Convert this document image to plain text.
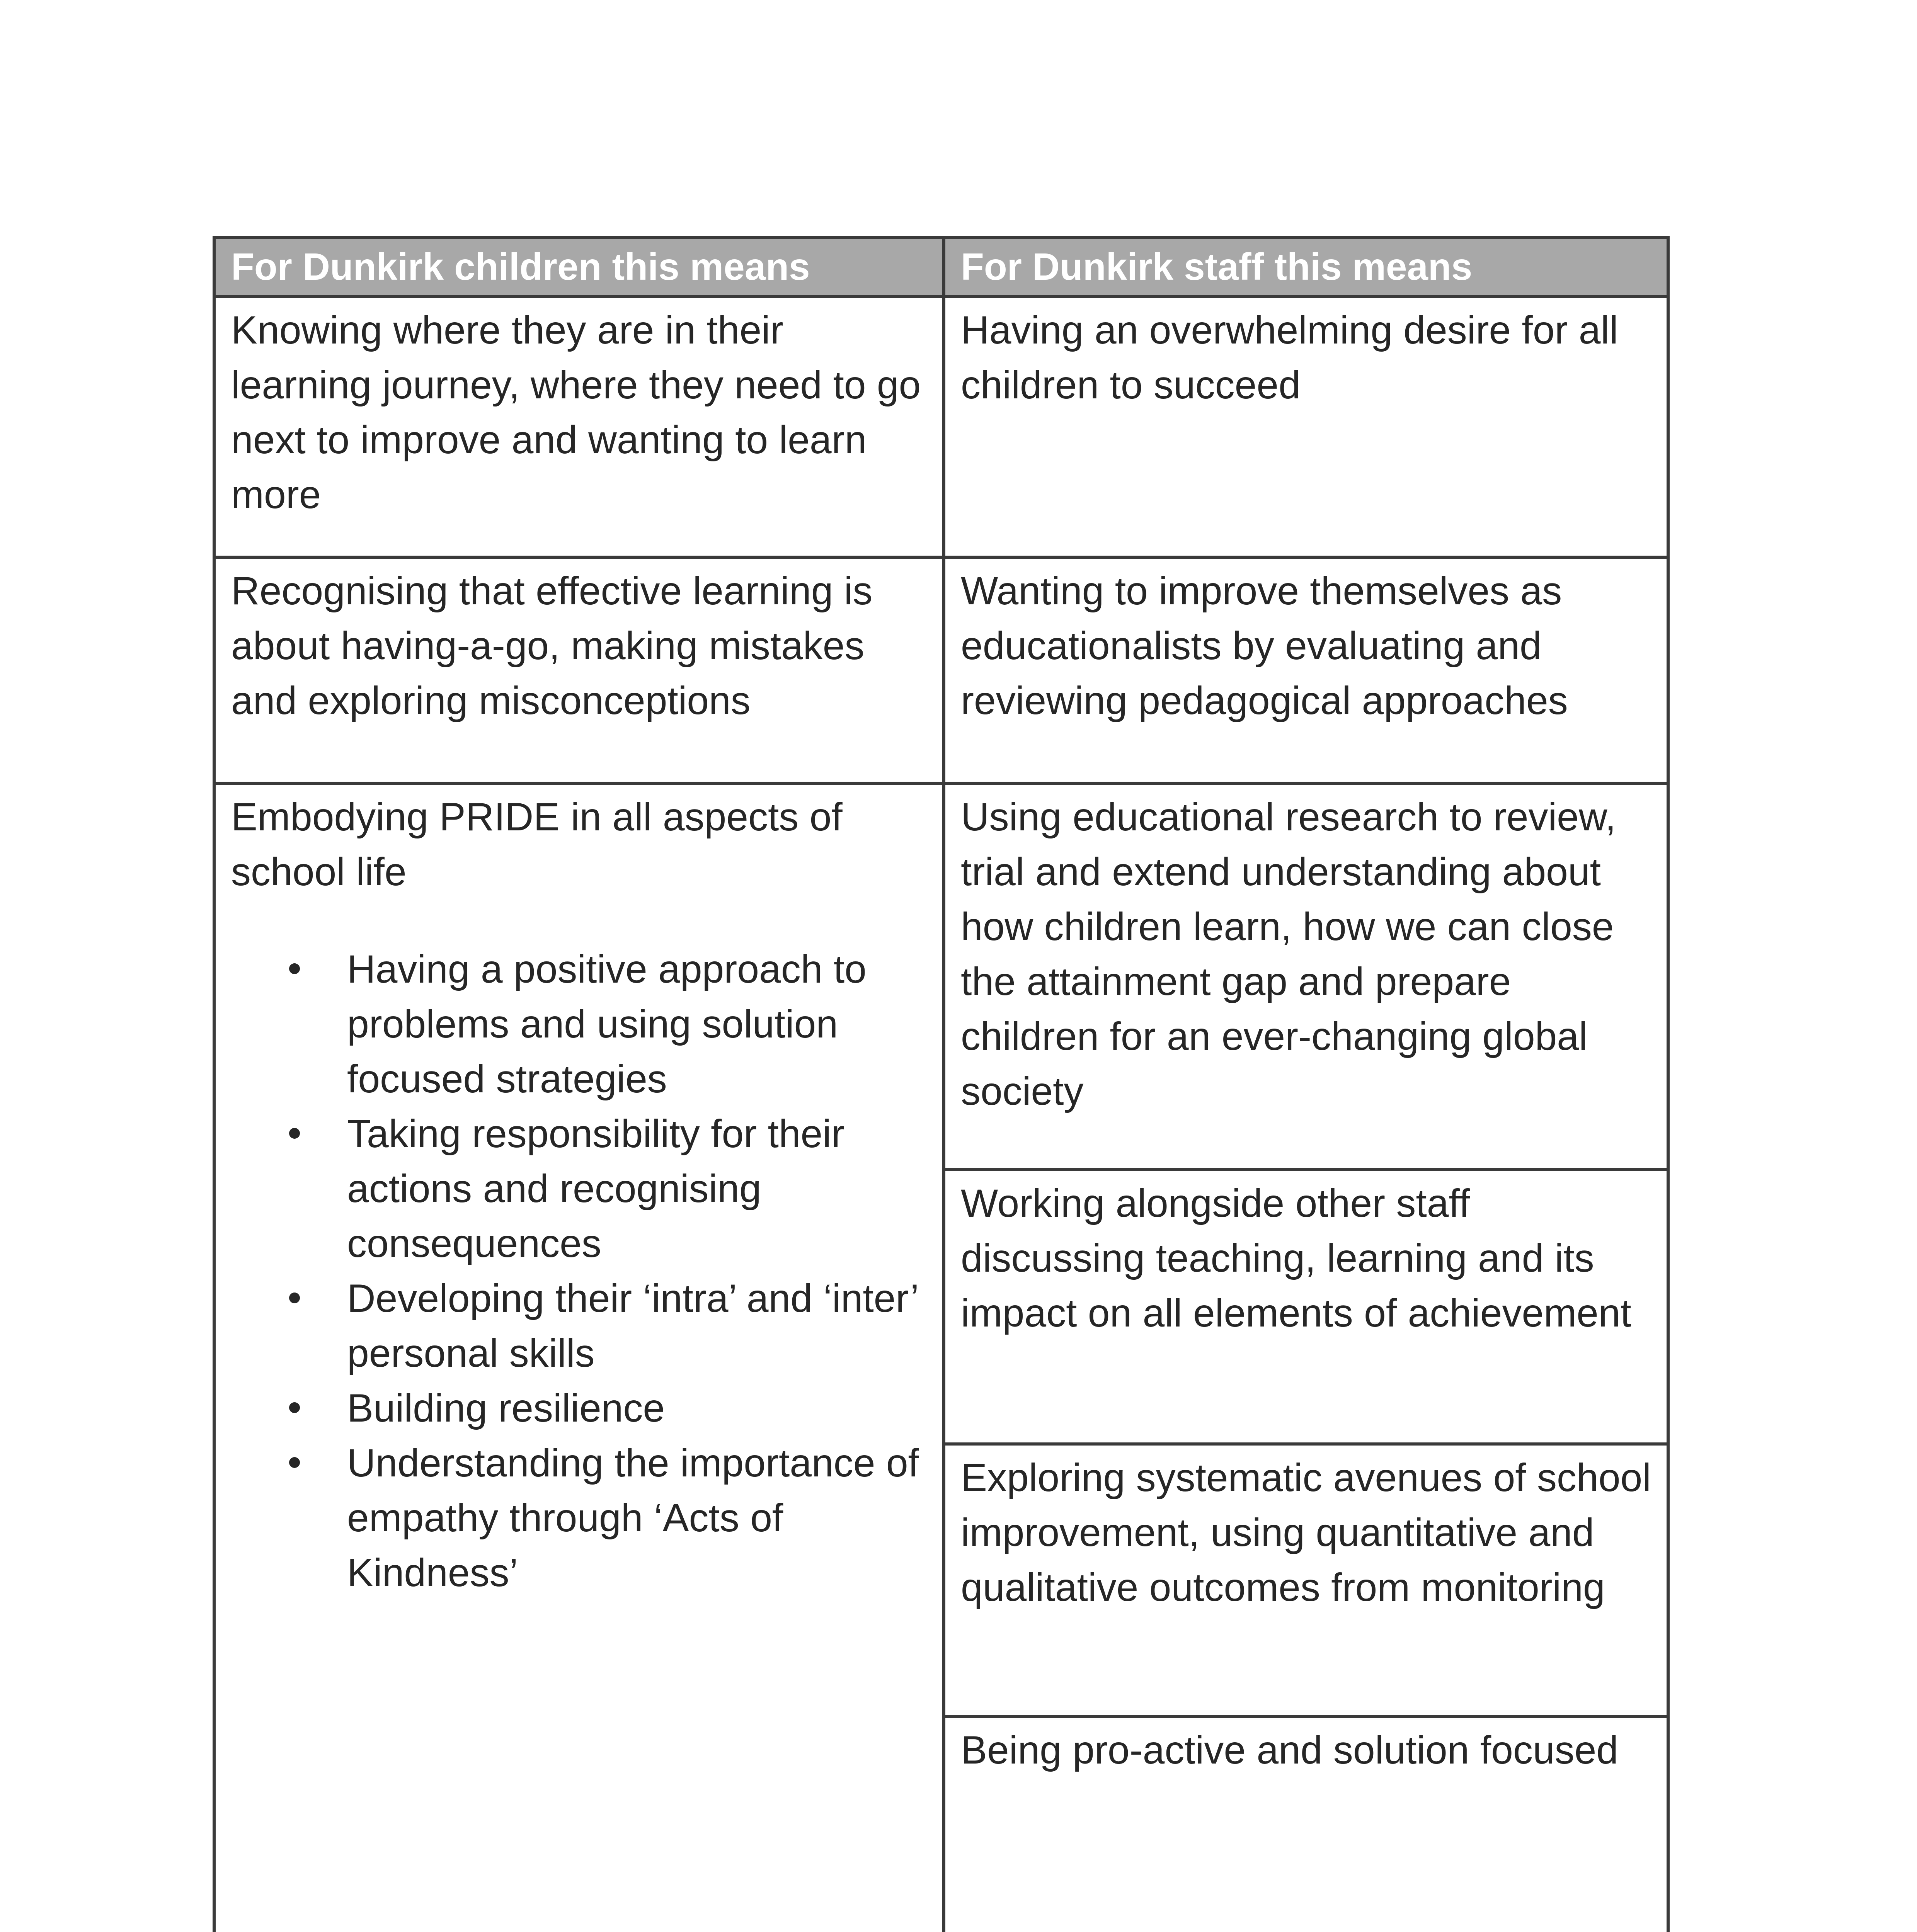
For Dunkirk children this means	For Dunkirk staff this means

Knowing where they are in their learning journey, where they need to go next to improve and wanting to learn more

Recognising that effective learning is about having-a-go, making mistakes and exploring misconceptions

Embodying PRIDE in all aspects of school life

Having a positive approach to problems and using solution focused strategies
Taking responsibility for their actions and recognising consequences
Developing their ‘intra’ and ‘inter’ personal skills
Building resilience
Understanding the importance of empathy through ‘Acts of Kindness’

Having an overwhelming desire for all children to succeed

Wanting to improve themselves as educationalists by evaluating and reviewing pedagogical approaches

Using educational research to review, trial and extend understanding about how children learn, how we can close the attainment gap and prepare children for an ever-changing global society

Working alongside other staff discussing teaching, learning and its impact on all elements of achievement

Exploring systematic avenues of school improvement, using quantitative and qualitative outcomes from monitoring

Being pro-active and solution focused
